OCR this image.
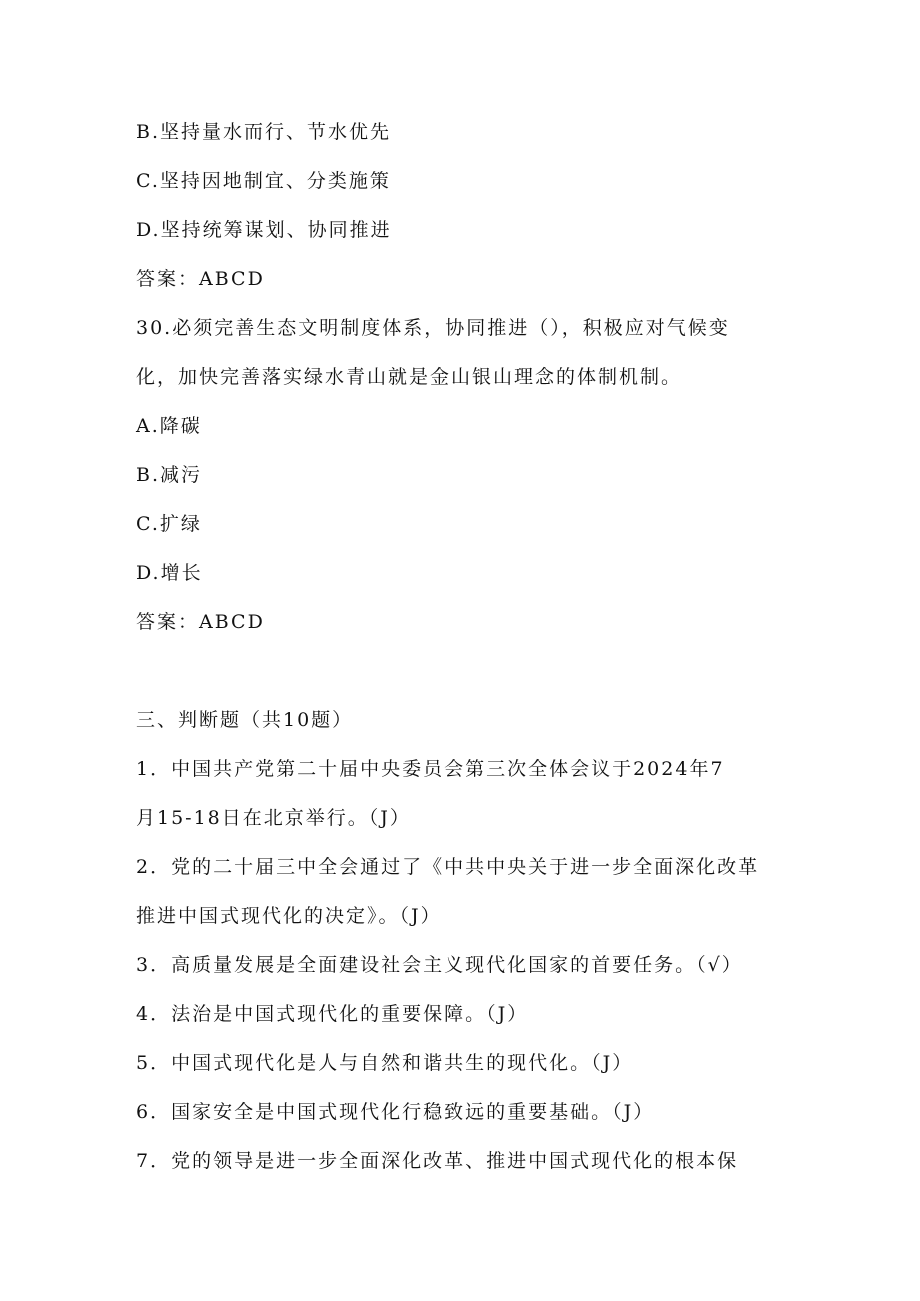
B.坚持量水而行、节水优先
C.坚持因地制宜、分类施策
D.坚持统筹谋划、协同推进
答案：ABCD
30.必须完善生态文明制度体系，协同推进（），积极应对气候变
化，加快完善落实绿水青山就是金山银山理念的体制机制。
A.降碳
B.减污
C.扩绿
D.增长
答案：ABCD
三、判断题（共10题）
1．中国共产党第二十届中央委员会第三次全体会议于2024年7
月15-18日在北京举行。（J）
2．党的二十届三中全会通过了《中共中央关于进一步全面深化改革
推进中国式现代化的决定》。（J）
3．高质量发展是全面建设社会主义现代化国家的首要任务。（√）
4．法治是中国式现代化的重要保障。（J）
5．中国式现代化是人与自然和谐共生的现代化。（J）
6．国家安全是中国式现代化行稳致远的重要基础。（J）
7．党的领导是进一步全面深化改革、推进中国式现代化的根本保
